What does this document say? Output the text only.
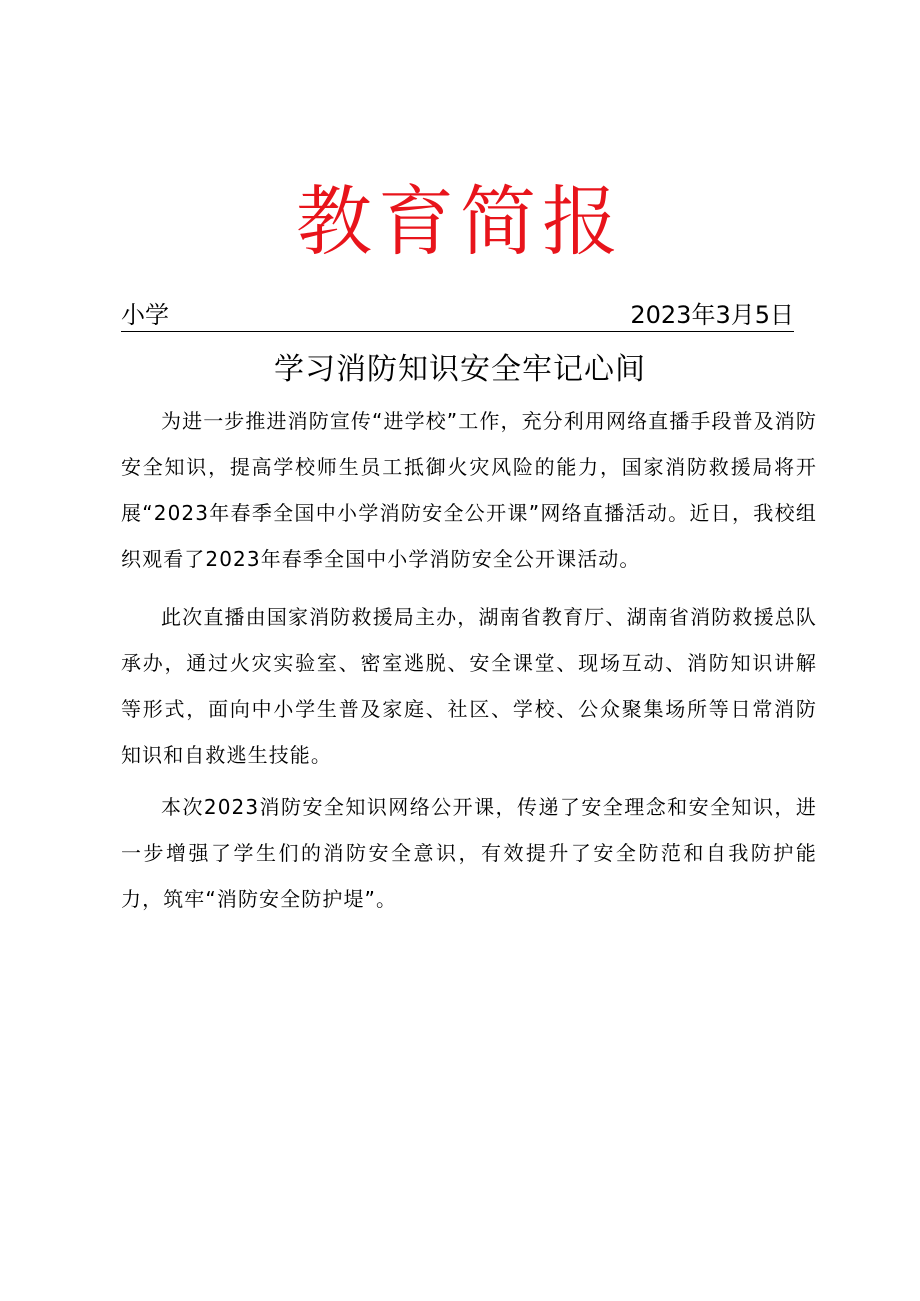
教育简报
小学	2023年3月5日
学习消防知识安全牢记心间

为进一步推进消防宣传“进学校”工作，充分利用网络直播手段普及消防安全知识，提高学校师生员工抵御火灾风险的能力，国家消防救援局将开展“2023年春季全国中小学消防安全公开课”网络直播活动。近日，我校组织观看了2023年春季全国中小学消防安全公开课活动。

此次直播由国家消防救援局主办，湖南省教育厅、湖南省消防救援总队承办，通过火灾实验室、密室逃脱、安全课堂、现场互动、消防知识讲解等形式，面向中小学生普及家庭、社区、学校、公众聚集场所等日常消防知识和自救逃生技能。

本次2023消防安全知识网络公开课，传递了安全理念和安全知识，进一步增强了学生们的消防安全意识，有效提升了安全防范和自我防护能力，筑牢“消防安全防护堤”。
